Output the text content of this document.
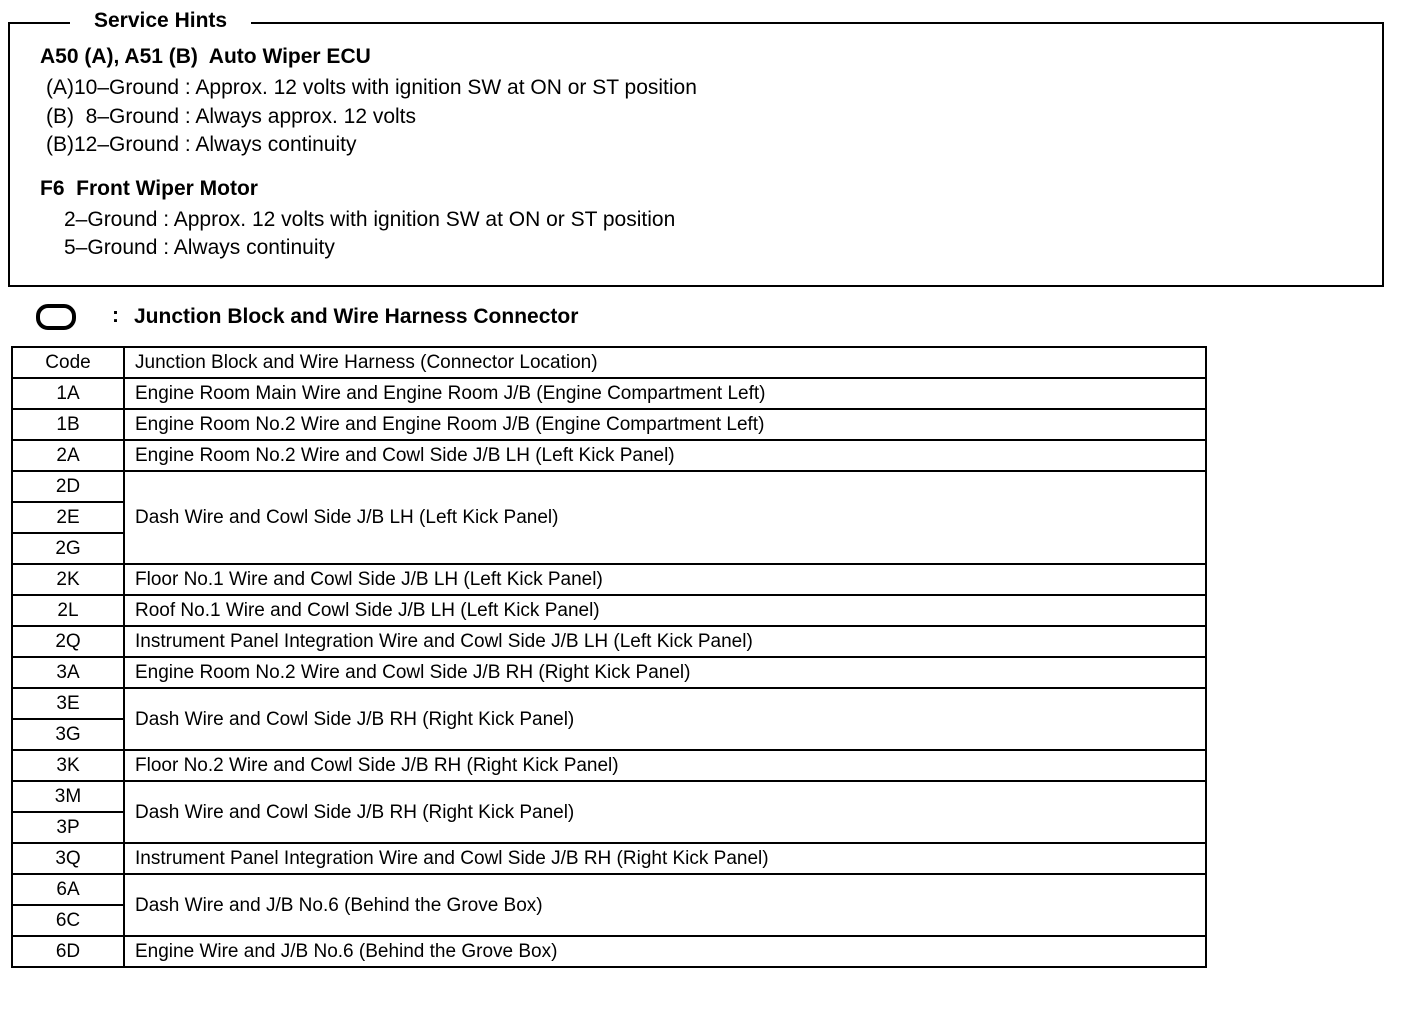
Service Hints
A50 (A), A51 (B)  Auto Wiper ECU
(A)10–Ground : Approx. 12 volts with ignition SW at ON or ST position
(B)  8–Ground : Always approx. 12 volts
(B)12–Ground : Always continuity
F6  Front Wiper Motor
2–Ground : Approx. 12 volts with ignition SW at ON or ST position
5–Ground : Always continuity
: Junction Block and Wire Harness Connector
Code	Junction Block and Wire Harness (Connector Location)
1A	Engine Room Main Wire and Engine Room J/B (Engine Compartment Left)
1B	Engine Room No.2 Wire and Engine Room J/B (Engine Compartment Left)
2A	Engine Room No.2 Wire and Cowl Side J/B LH (Left Kick Panel)
2D	Dash Wire and Cowl Side J/B LH (Left Kick Panel)
2E	
2G	
2K	Floor No.1 Wire and Cowl Side J/B LH (Left Kick Panel)
2L	Roof No.1 Wire and Cowl Side J/B LH (Left Kick Panel)
2Q	Instrument Panel Integration Wire and Cowl Side J/B LH (Left Kick Panel)
3A	Engine Room No.2 Wire and Cowl Side J/B RH (Right Kick Panel)
3E	Dash Wire and Cowl Side J/B RH (Right Kick Panel)
3G	
3K	Floor No.2 Wire and Cowl Side J/B RH (Right Kick Panel)
3M	Dash Wire and Cowl Side J/B RH (Right Kick Panel)
3P	
3Q	Instrument Panel Integration Wire and Cowl Side J/B RH (Right Kick Panel)
6A	Dash Wire and J/B No.6 (Behind the Grove Box)
6C	
6D	Engine Wire and J/B No.6 (Behind the Grove Box)
